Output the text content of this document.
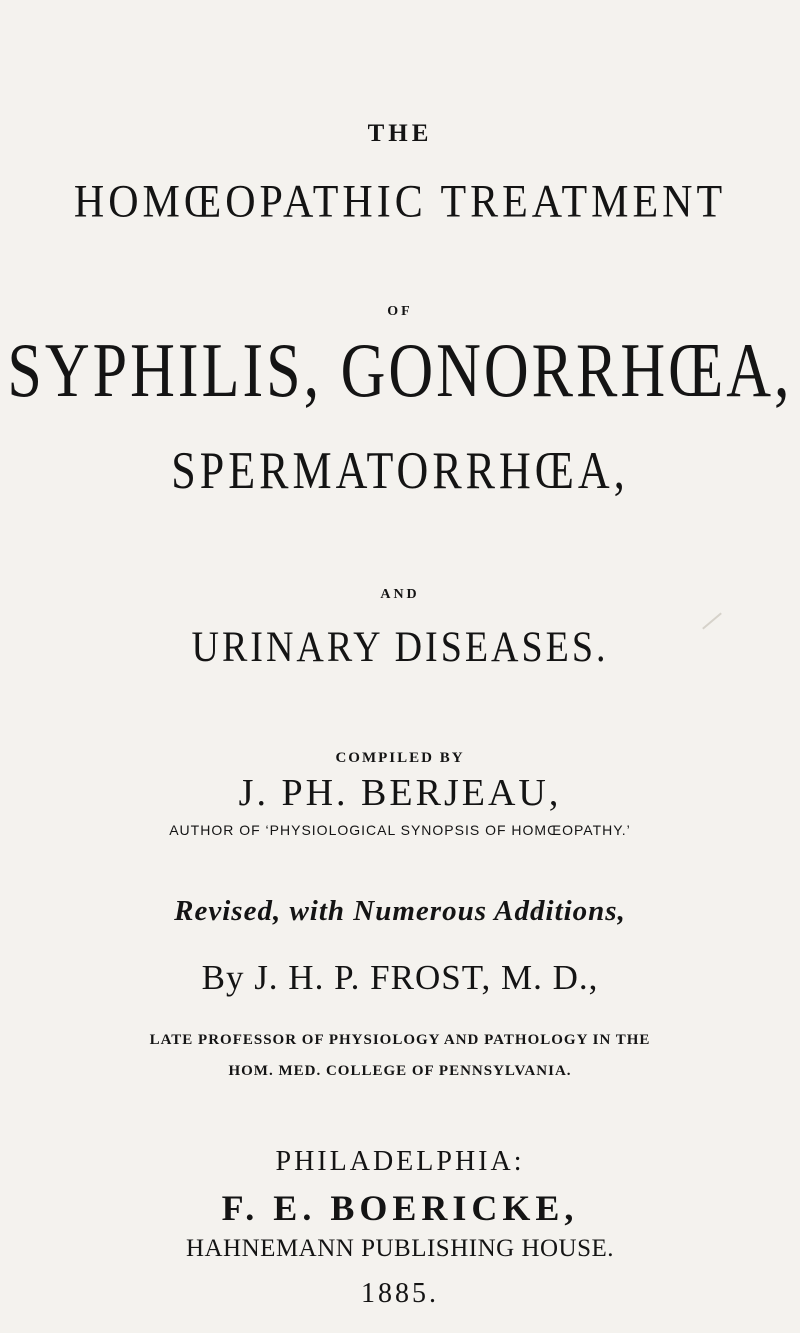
THE

HOMŒOPATHIC TREATMENT

OF

SYPHILIS, GONORRHŒA,

SPERMATORRHŒA,

AND

URINARY DISEASES.

COMPILED BY

J. PH. BERJEAU,

AUTHOR OF ‘PHYSIOLOGICAL SYNOPSIS OF HOMŒOPATHY.’

Revised, with Numerous Additions,

By J. H. P. FROST, M. D.,

LATE PROFESSOR OF PHYSIOLOGY AND PATHOLOGY IN THE

HOM. MED. COLLEGE OF PENNSYLVANIA.

PHILADELPHIA:

F. E. BOERICKE,

HAHNEMANN PUBLISHING HOUSE.

1885.
